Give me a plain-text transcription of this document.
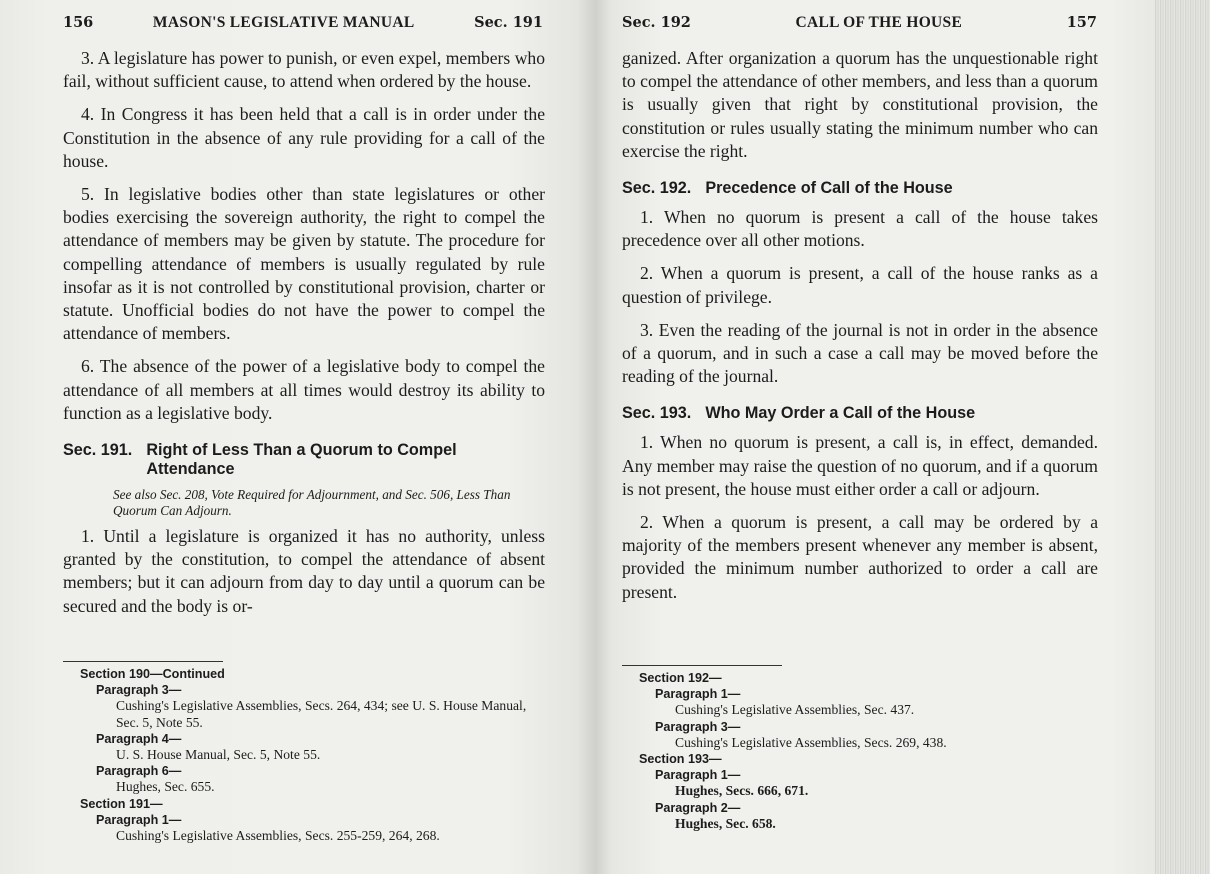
156	MASON'S LEGISLATIVE MANUAL	Sec. 191

3. A legislature has power to punish, or even expel, members who fail, without sufficient cause, to attend when ordered by the house.

4. In Congress it has been held that a call is in order under the Constitution in the absence of any rule providing for a call of the house.

5. In legislative bodies other than state legislatures or other bodies exercising the sovereign authority, the right to compel the attendance of members may be given by statute. The procedure for compelling attendance of members is usually regulated by rule insofar as it is not controlled by constitutional provision, charter or statute. Unofficial bodies do not have the power to compel the attendance of members.

6. The absence of the power of a legislative body to compel the attendance of all members at all times would destroy its ability to function as a legislative body.

Sec. 191. Right of Less Than a Quorum to Compel Attendance

See also Sec. 208, Vote Required for Adjournment, and Sec. 506, Less Than Quorum Can Adjourn.

1. Until a legislature is organized it has no authority, unless granted by the constitution, to compel the attendance of absent members; but it can adjourn from day to day until a quorum can be secured and the body is or-

Section 190—Continued
Paragraph 3—
Cushing's Legislative Assemblies, Secs. 264, 434; see U. S. House Manual, Sec. 5, Note 55.
Paragraph 4—
U. S. House Manual, Sec. 5, Note 55.
Paragraph 6—
Hughes, Sec. 655.
Section 191—
Paragraph 1—
Cushing's Legislative Assemblies, Secs. 255-259, 264, 268.
Sec. 192	CALL OF THE HOUSE	157

ganized. After organization a quorum has the unquestionable right to compel the attendance of other members, and less than a quorum is usually given that right by constitutional provision, the constitution or rules usually stating the minimum number who can exercise the right.

Sec. 192. Precedence of Call of the House

1. When no quorum is present a call of the house takes precedence over all other motions.

2. When a quorum is present, a call of the house ranks as a question of privilege.

3. Even the reading of the journal is not in order in the absence of a quorum, and in such a case a call may be moved before the reading of the journal.

Sec. 193. Who May Order a Call of the House

1. When no quorum is present, a call is, in effect, demanded. Any member may raise the question of no quorum, and if a quorum is not present, the house must either order a call or adjourn.

2. When a quorum is present, a call may be ordered by a majority of the members present whenever any member is absent, provided the minimum number authorized to order a call are present.

Section 192—
Paragraph 1—
Cushing's Legislative Assemblies, Sec. 437.
Paragraph 3—
Cushing's Legislative Assemblies, Secs. 269, 438.
Section 193—
Paragraph 1—
Hughes, Secs. 666, 671.
Paragraph 2—
Hughes, Sec. 658.
